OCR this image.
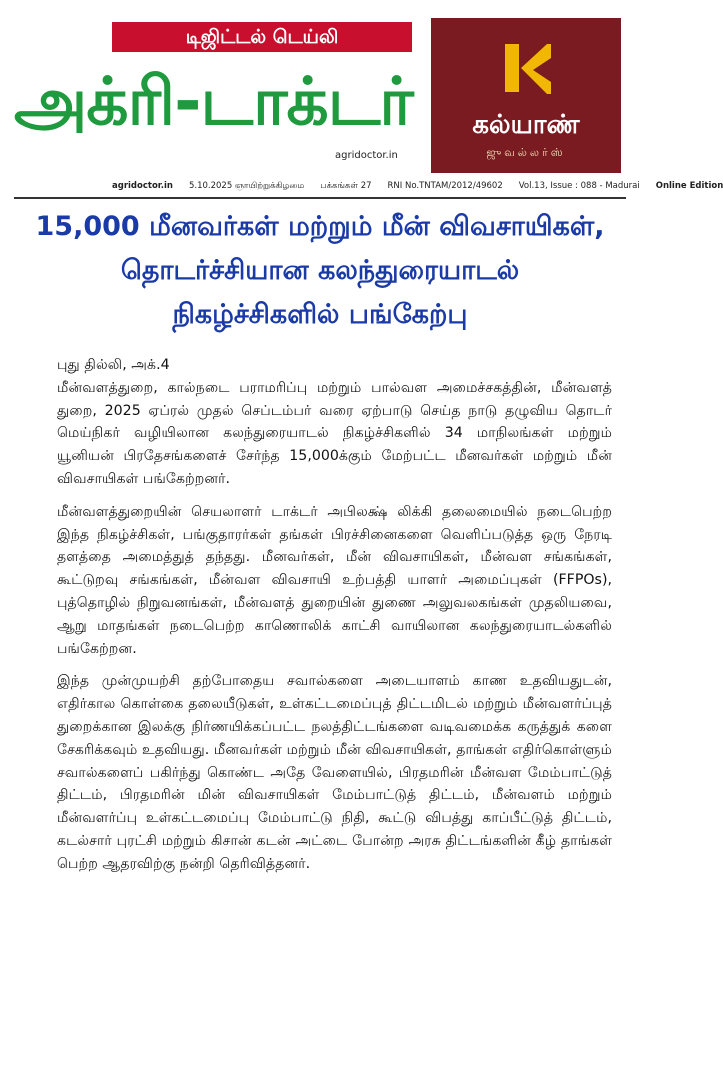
டிஜிட்டல் டெய்லி
அக்ரி-டாக்டர்
agridoctor.in
கல்யாண்
ஜுவல்லர்ஸ்
agridoctor.in 5.10.2025 ஞாயிற்றுக்கிழமை பக்கங்கள் 27 RNI No.TNTAM/2012/49602 Vol.13, Issue : 088 - Madurai Online Edition
15,000 மீனவர்கள் மற்றும் மீன் விவசாயிகள்,
தொடர்ச்சியான கலந்துரையாடல்
நிகழ்ச்சிகளில் பங்கேற்பு

புது தில்லி, அக்.4

மீன்வளத்துறை, கால்நடை பராமரிப்பு மற்றும் பால்வள அமைச்சகத்தின், மீன்வளத் துறை, 2025 ஏப்ரல் முதல் செப்டம்பர் வரை ஏற்பாடு செய்த நாடு தழுவிய தொடர் மெய்நிகர் வழியிலான கலந்துரையாடல் நிகழ்ச்சிகளில் 34 மாநிலங்கள் மற்றும் யூனியன் பிரதேசங்களைச் சேர்ந்த 15,000க்கும் மேற்பட்ட மீனவர்கள் மற்றும் மீன் விவசாயிகள் பங்கேற்றனர்.

மீன்வளத்துறையின் செயலாளர் டாக்டர் அபிலக்ஷ் லிக்கி தலைமையில் நடைபெற்ற இந்த நிகழ்ச்சிகள், பங்குதாரர்கள் தங்கள் பிரச்சினைகளை வெளிப்படுத்த ஒரு நேரடி தளத்தை அமைத்துத் தந்தது. மீனவர்கள், மீன் விவசாயிகள், மீன்வள சங்கங்கள், கூட்டுறவு சங்கங்கள், மீன்வள விவசாயி உற்பத்தி யாளர் அமைப்புகள் (FFPOs), புத்தொழில் நிறுவனங்கள், மீன்வளத் துறையின் துணை அலுவலகங்கள் முதலியவை, ஆறு மாதங்கள் நடைபெற்ற காணொலிக் காட்சி வாயிலான கலந்துரையாடல்களில் பங்கேற்றன.

இந்த முன்முயற்சி தற்போதைய சவால்களை அடையாளம் காண உதவியதுடன், எதிர்கால கொள்கை தலையீடுகள், உள்கட்டமைப்புத் திட்டமிடல் மற்றும் மீன்வளர்ப்புத் துறைக்கான இலக்கு நிர்ணயிக்கப்பட்ட நலத்திட்டங்களை வடிவமைக்க கருத்துக் களை சேகரிக்கவும் உதவியது. மீனவர்கள் மற்றும் மீன் விவசாயிகள், தாங்கள் எதிர்கொள்ளும் சவால்களைப் பகிர்ந்து கொண்ட அதே வேளையில், பிரதமரின் மீன்வள மேம்பாட்டுத் திட்டம், பிரதமரின் மின் விவசாயிகள் மேம்பாட்டுத் திட்டம், மீன்வளம் மற்றும் மீன்வளர்ப்பு உள்கட்டமைப்பு மேம்பாட்டு நிதி, கூட்டு விபத்து காப்பீட்டுத் திட்டம், கடல்சார் புரட்சி மற்றும் கிசான் கடன் அட்டை போன்ற அரசு திட்டங்களின் கீழ் தாங்கள் பெற்ற ஆதரவிற்கு நன்றி தெரிவித்தனர்.
